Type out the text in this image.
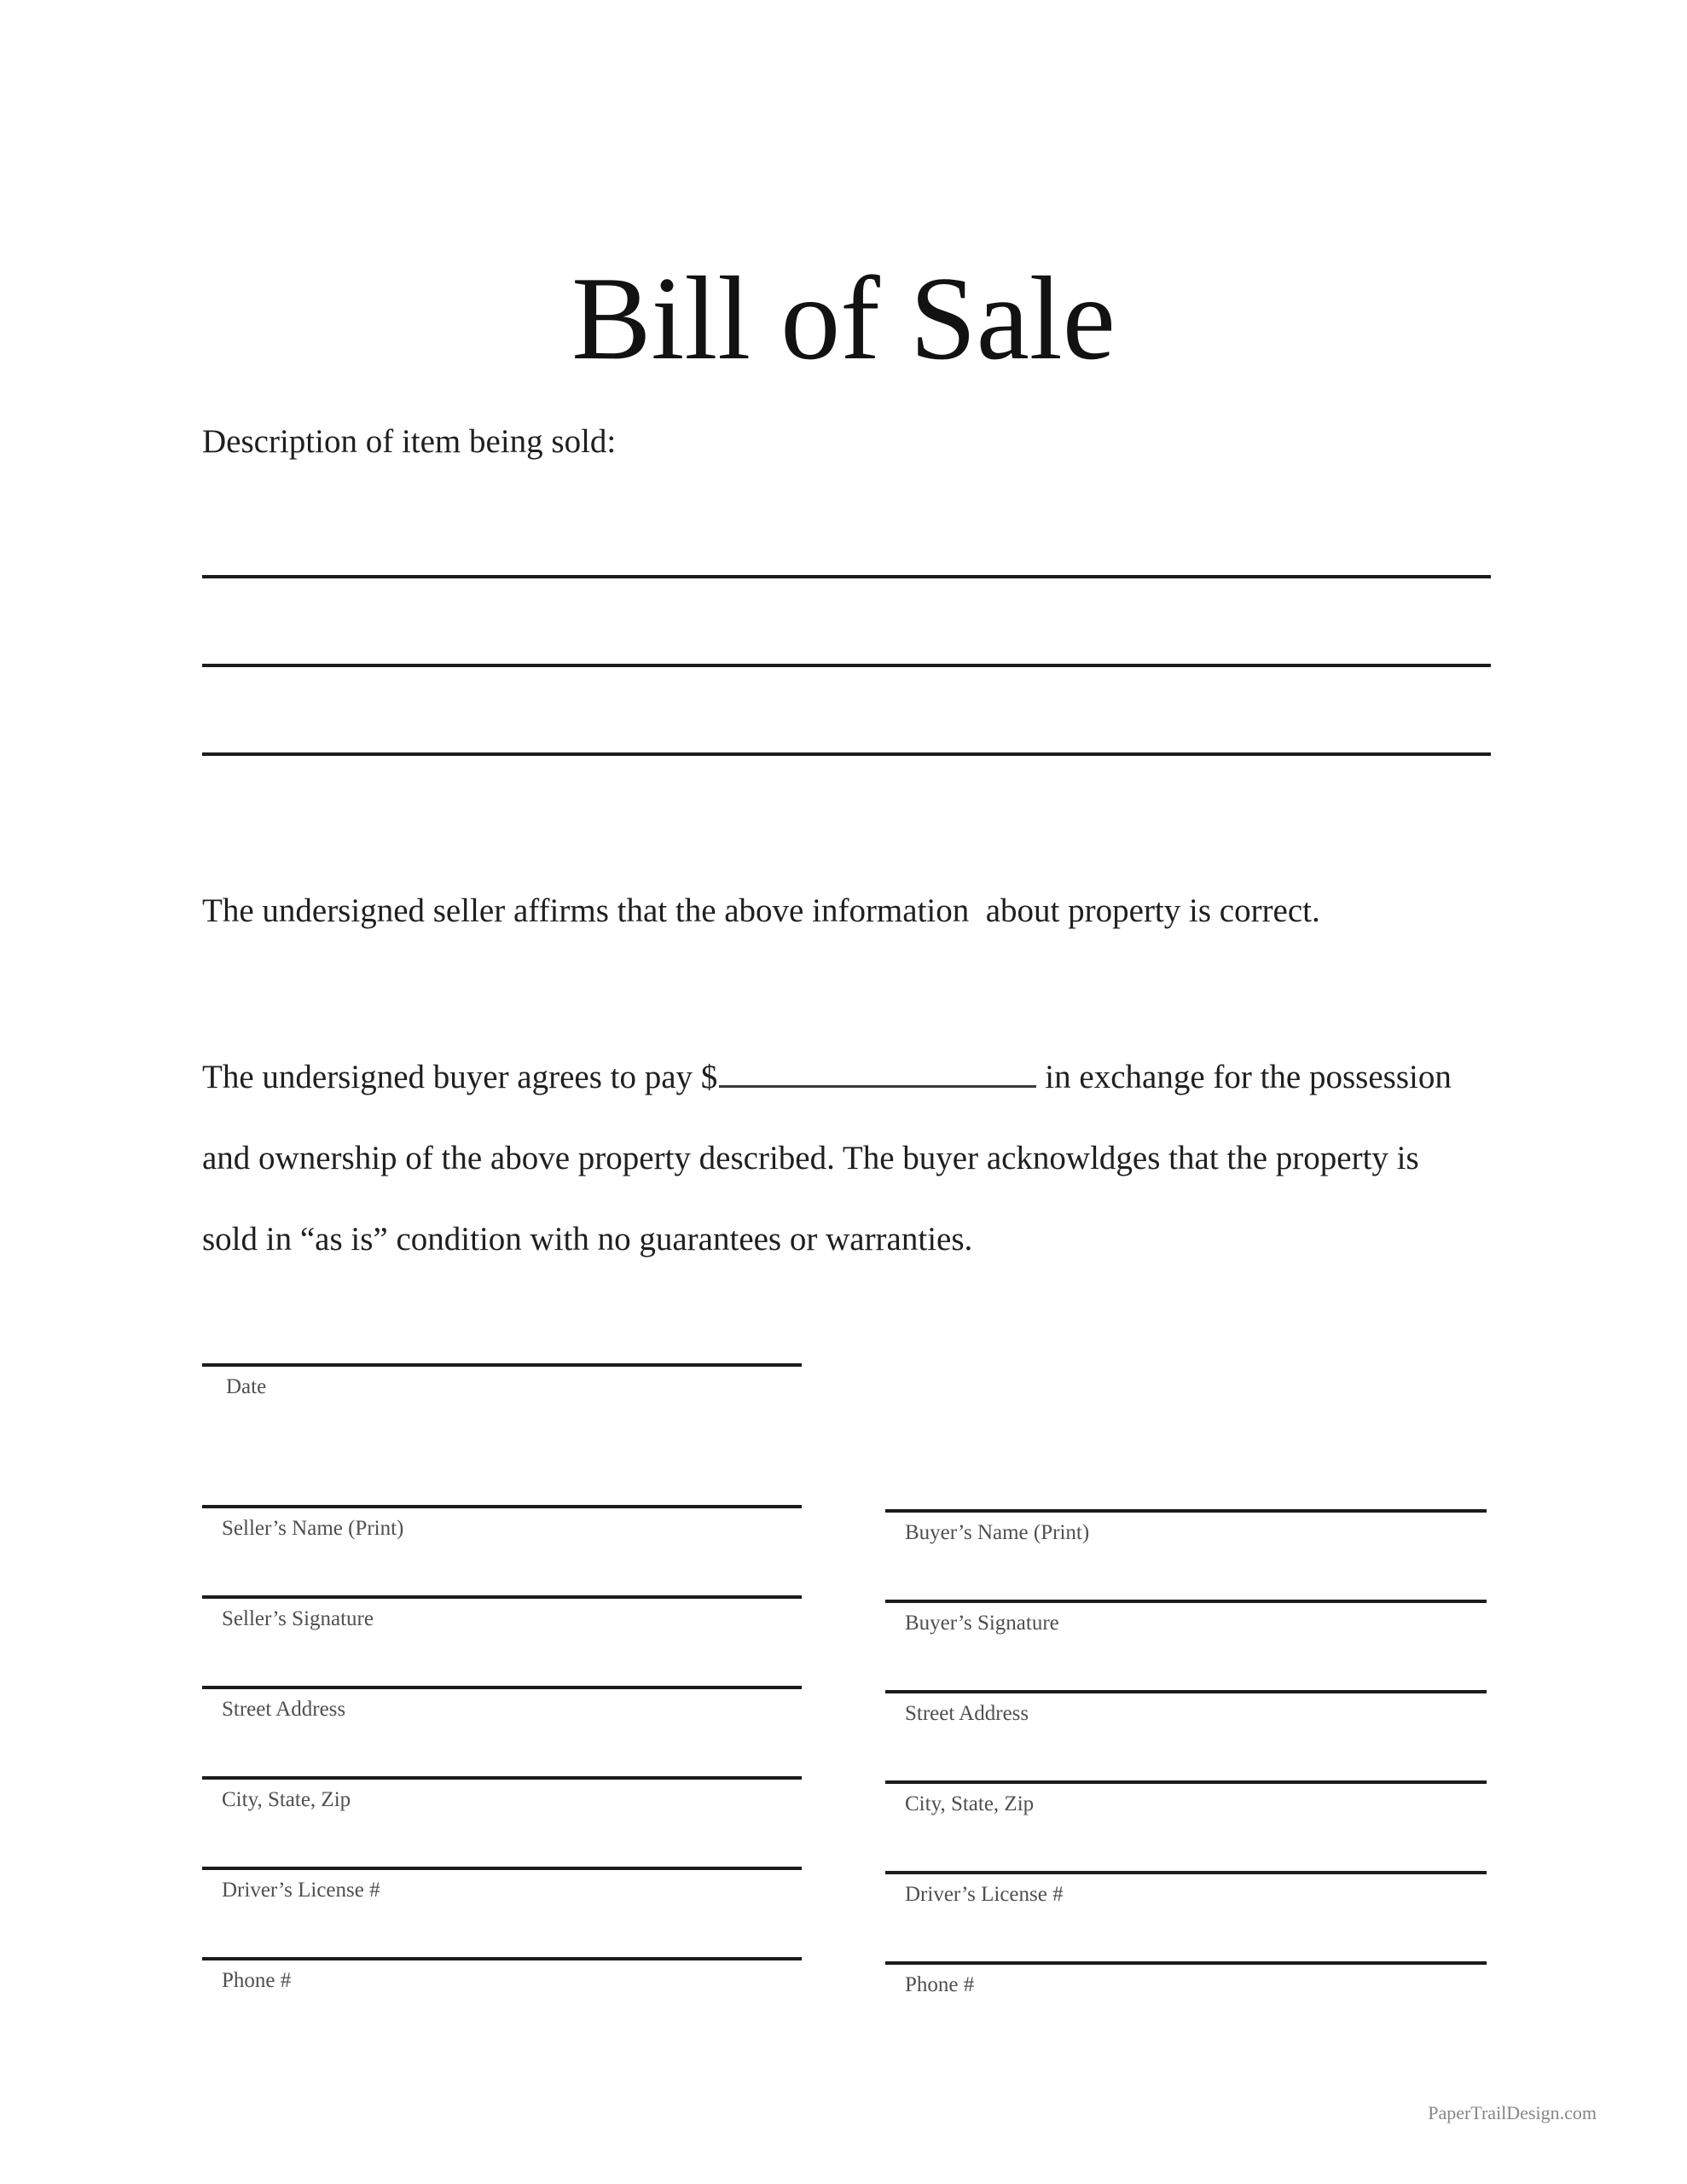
Bill of Sale
Description of item being sold:
The undersigned seller affirms that the above information  about property is correct.
The undersigned buyer agrees to pay $	in exchange for the possession
and ownership of the above property described. The buyer acknowldges that the property is
sold in “as is” condition with no guarantees or warranties.
Date
Seller’s Name (Print)
Seller’s Signature
Street Address
City, State, Zip
Driver’s License #
Phone #
Buyer’s Name (Print)
Buyer’s Signature
Street Address
City, State, Zip
Driver’s License #
Phone #
PaperTrailDesign.com
